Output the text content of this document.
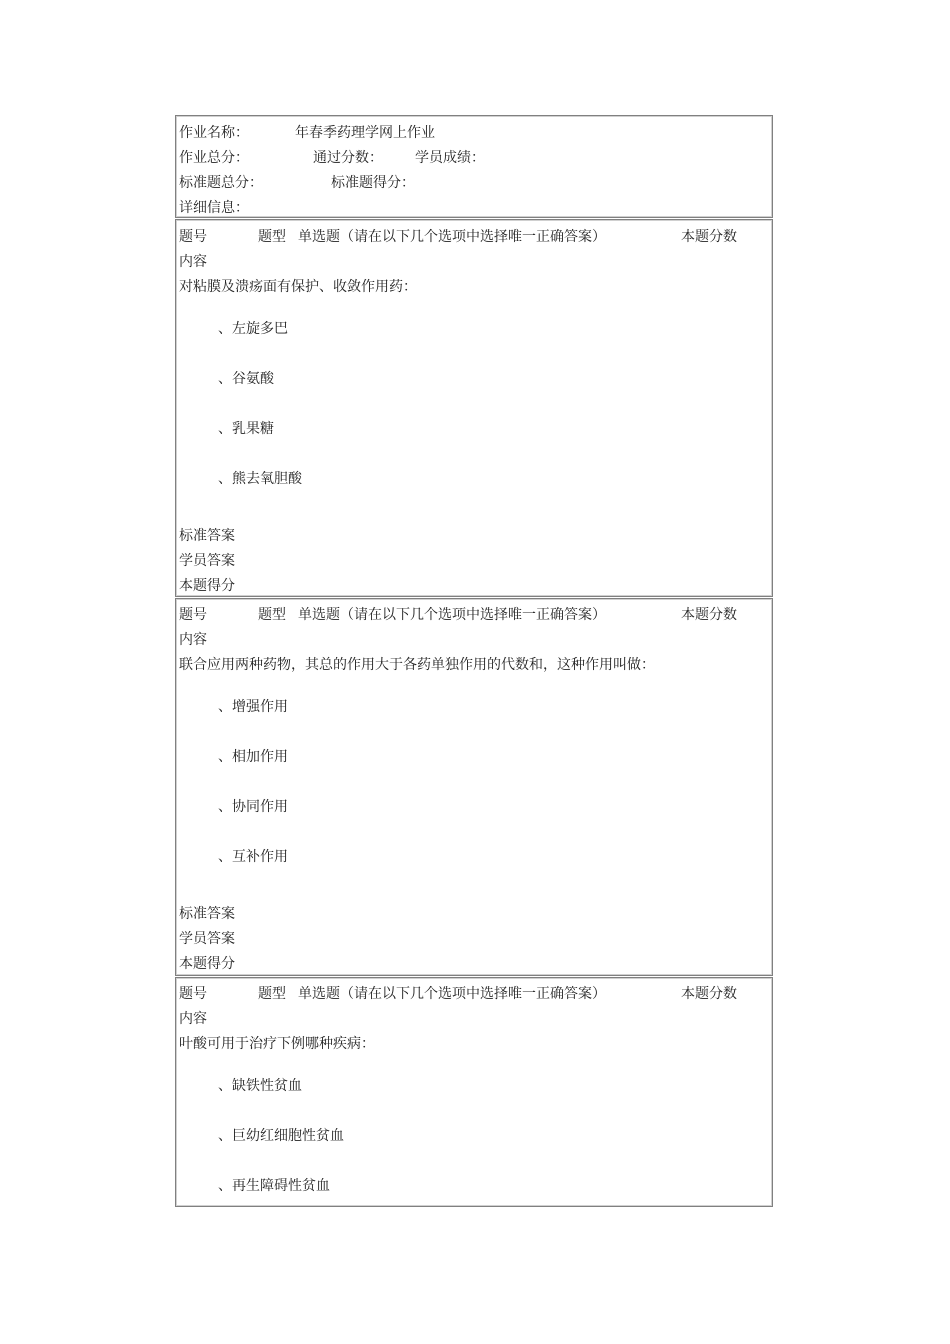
作业名称：	年春季药理学网上作业
作业总分：	通过分数： 学员成绩：
标准题总分：	标准题得分：
详细信息：
题号	题型 单选题（请在以下几个选项中选择唯一正确答案）	本题分数
内容
对粘膜及溃疡面有保护、收敛作用药：
、左旋多巴
、谷氨酸
、乳果糖
、熊去氧胆酸
标准答案
学员答案
本题得分
题号	题型 单选题（请在以下几个选项中选择唯一正确答案）	本题分数
内容
联合应用两种药物，其总的作用大于各药单独作用的代数和，这种作用叫做：
、增强作用
、相加作用
、协同作用
、互补作用
标准答案
学员答案
本题得分
题号	题型 单选题（请在以下几个选项中选择唯一正确答案）	本题分数
内容
叶酸可用于治疗下例哪种疾病：
、缺铁性贫血
、巨幼红细胞性贫血
、再生障碍性贫血
